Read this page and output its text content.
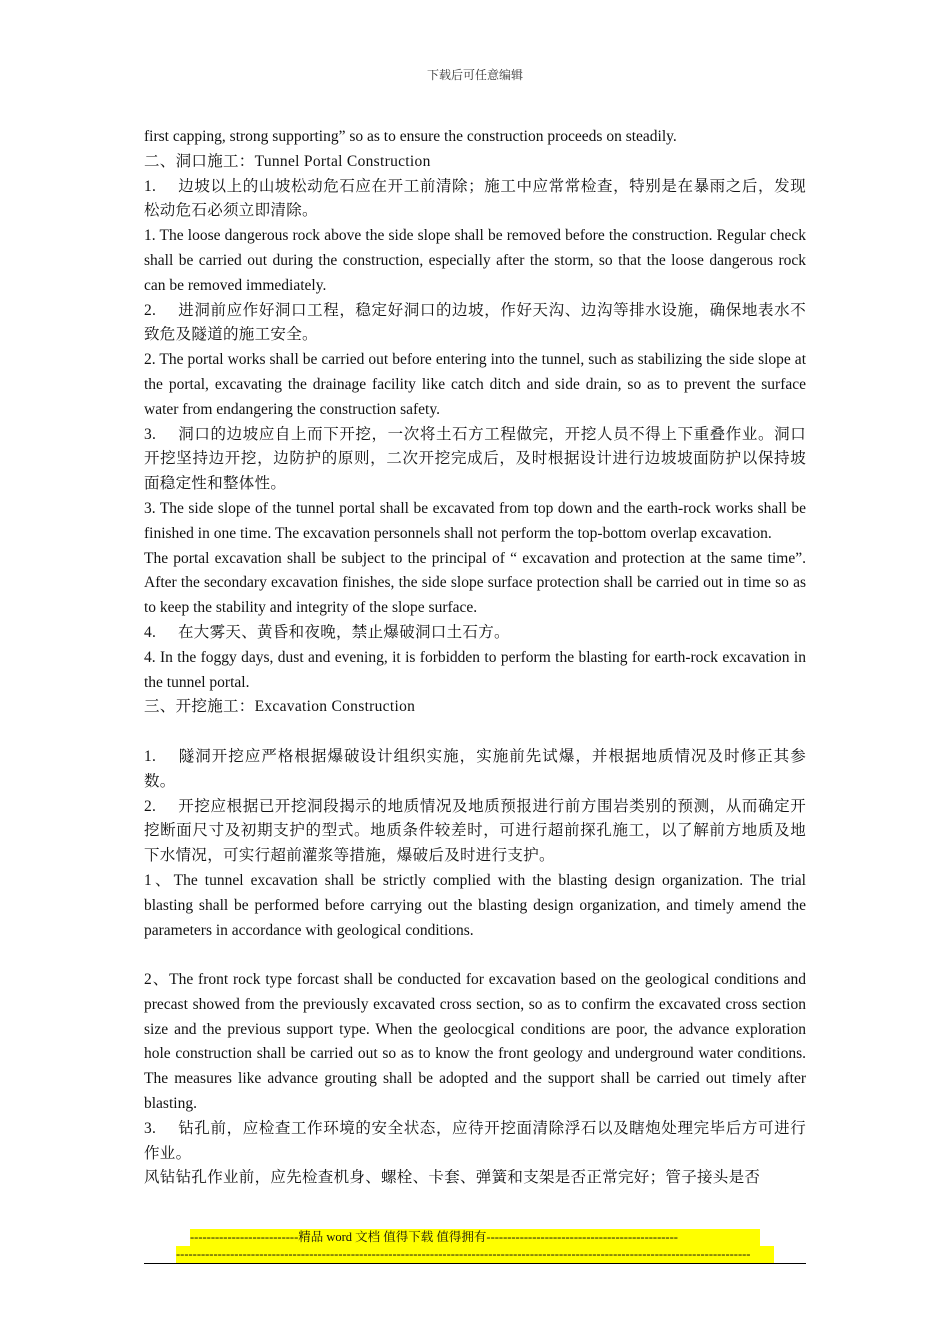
下载后可任意编辑

first capping, strong supporting” so as to ensure the construction proceeds on steadily.

二、洞口施工：Tunnel Portal Construction

1. 边坡以上的山坡松动危石应在开工前清除；施工中应常常检查，特别是在暴雨之后，发现松动危石必须立即清除。

1. The loose dangerous rock above the side slope shall be removed before the construction. Regular check shall be carried out during the construction, especially after the storm, so that the loose dangerous rock can be removed immediately.

2. 进洞前应作好洞口工程，稳定好洞口的边坡，作好天沟、边沟等排水设施，确保地表水不致危及隧道的施工安全。

2. The portal works shall be carried out before entering into the tunnel, such as stabilizing the side slope at the portal, excavating the drainage facility like catch ditch and side drain, so as to prevent the surface water from endangering the construction safety.

3. 洞口的边坡应自上而下开挖，一次将土石方工程做完，开挖人员不得上下重叠作业。洞口开挖坚持边开挖，边防护的原则，二次开挖完成后，及时根据设计进行边坡坡面防护以保持坡面稳定性和整体性。

3. The side slope of the tunnel portal shall be excavated from top down and the earth-rock works shall be finished in one time. The excavation personnels shall not perform the top-bottom overlap excavation.

The portal excavation shall be subject to the principal of “ excavation and protection at the same time”. After the secondary excavation finishes, the side slope surface protection shall be carried out in time so as to keep the stability and integrity of the slope surface.

4. 在大雾天、黄昏和夜晚，禁止爆破洞口土石方。

4. In the foggy days, dust and evening, it is forbidden to perform the blasting for earth-rock excavation in the tunnel portal.

三、开挖施工：Excavation Construction

1. 隧洞开挖应严格根据爆破设计组织实施，实施前先试爆，并根据地质情况及时修正其参数。

2. 开挖应根据已开挖洞段揭示的地质情况及地质预报进行前方围岩类别的预测，从而确定开挖断面尺寸及初期支护的型式。地质条件较差时，可进行超前探孔施工，以了解前方地质及地下水情况，可实行超前灌浆等措施，爆破后及时进行支护。

1、The tunnel excavation shall be strictly complied with the blasting design organization. The trial blasting shall be performed before carrying out the blasting design organization, and timely amend the parameters in accordance with geological conditions.

2、The front rock type forcast shall be conducted for excavation based on the geological conditions and precast showed from the previously excavated cross section, so as to confirm the excavated cross section size and the previous support type. When the geolocgical conditions are poor, the advance exploration hole construction shall be carried out so as to know the front geology and underground water conditions. The measures like advance grouting shall be adopted and the support shall be carried out timely after blasting.

3. 钻孔前，应检查工作环境的安全状态，应待开挖面清除浮石以及瞎炮处理完毕后方可进行作业。

风钻钻孔作业前，应先检查机身、螺栓、卡套、弹簧和支架是否正常完好；管子接头是否

--------------------------精品 word 文档 值得下载 值得拥有----------------------------------------------
------------------------------------------------------------------------------------------------------------------------------------------
